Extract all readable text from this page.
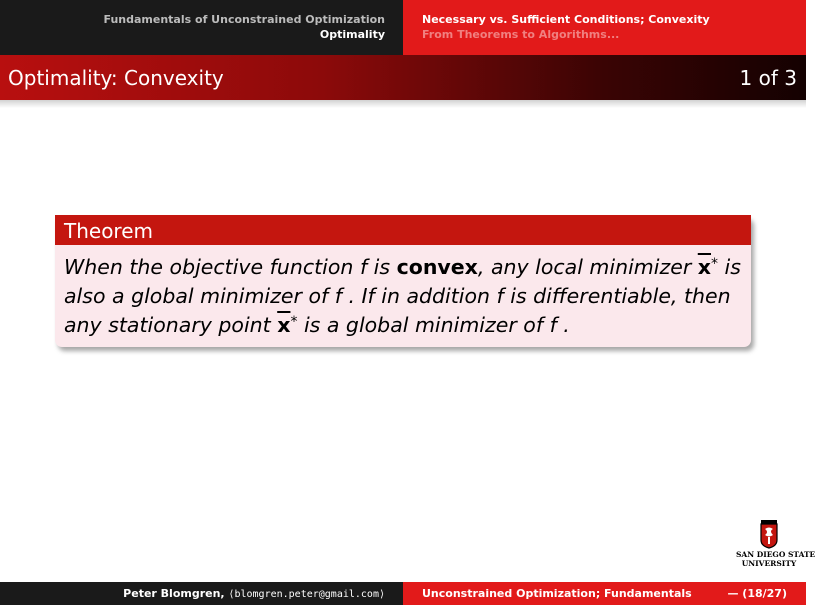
Fundamentals of Unconstrained Optimization
Optimality
Necessary vs. Sufficient Conditions; Convexity
From Theorems to Algorithms...
Optimality: Convexity	1 of 3
Theorem
When the objective function f is convex, any local minimizer $\overline{x}^*$ is
also a global minimizer of f . If in addition f is differentiable, then
any stationary point $\overline{x}^*$ is a global minimizer of f .
SAN DIEGO STATE
UNIVERSITY
Peter Blomgren, ⟨blomgren.peter@gmail.com⟩	Unconstrained Optimization; Fundamentals	— (18/27)
